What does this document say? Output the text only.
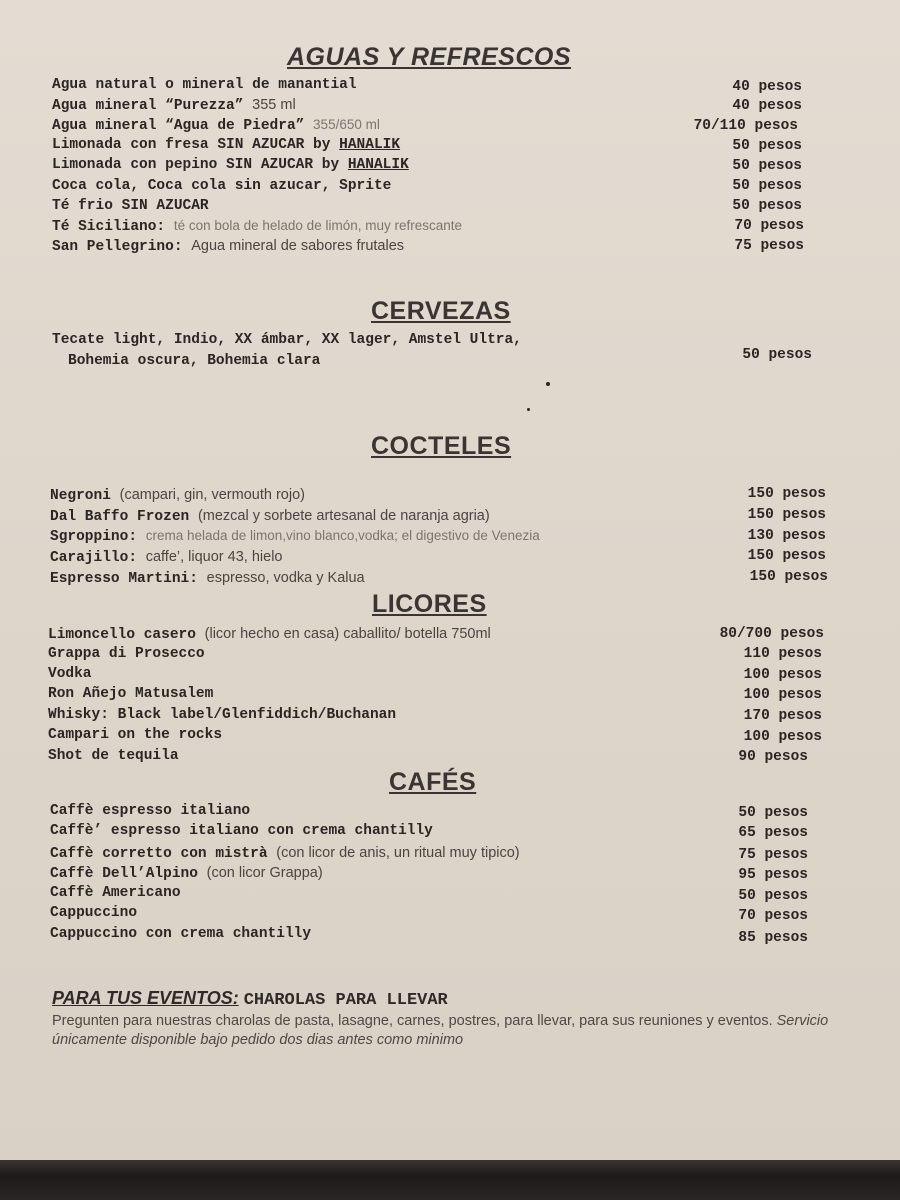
AGUAS Y REFRESCOS
Agua natural o mineral de manantial	40 pesos
Agua mineral “Purezza” 355 ml	40 pesos
Agua mineral “Agua de Piedra” 355/650 ml	70/110 pesos
Limonada con fresa SIN AZUCAR by HANALIK	50 pesos
Limonada con pepino SIN AZUCAR by HANALIK	50 pesos
Coca cola, Coca cola sin azucar, Sprite	50 pesos
Té frio SIN AZUCAR	50 pesos
Té Siciliano: té con bola de helado de limón, muy refrescante	70 pesos
San Pellegrino: Agua mineral de sabores frutales	75 pesos
CERVEZAS
Tecate light, Indio, XX ámbar, XX lager, Amstel Ultra,
Bohemia oscura, Bohemia clara	50 pesos
COCTELES
Negroni (campari, gin, vermouth rojo)	150 pesos
Dal Baffo Frozen (mezcal y sorbete artesanal de naranja agria)	150 pesos
Sgroppino: crema helada de limon,vino blanco,vodka; el digestivo de Venezia	130 pesos
Carajillo: caffe’, liquor 43, hielo	150 pesos
Espresso Martini: espresso, vodka y Kalua	150 pesos
LICORES
Limoncello casero (licor hecho en casa) caballito/ botella 750ml	80/700 pesos
Grappa di Prosecco	110 pesos
Vodka	100 pesos
Ron Añejo Matusalem	100 pesos
Whisky: Black label/Glenfiddich/Buchanan	170 pesos
Campari on the rocks	100 pesos
Shot de tequila	90 pesos
CAFÉS
Caffè espresso italiano	50 pesos
Caffè’ espresso italiano con crema chantilly	65 pesos
Caffè corretto con mistrà (con licor de anis, un ritual muy tipico)	75 pesos
Caffè Dell’Alpino (con licor Grappa)	95 pesos
Caffè Americano	50 pesos
Cappuccino	70 pesos
Cappuccino con crema chantilly	85 pesos
PARA TUS EVENTOS: CHAROLAS PARA LLEVAR

Pregunten para nuestras charolas de pasta, lasagne, carnes, postres, para llevar, para sus reuniones y eventos. Servicio únicamente disponible bajo pedido dos dias antes como minimo
